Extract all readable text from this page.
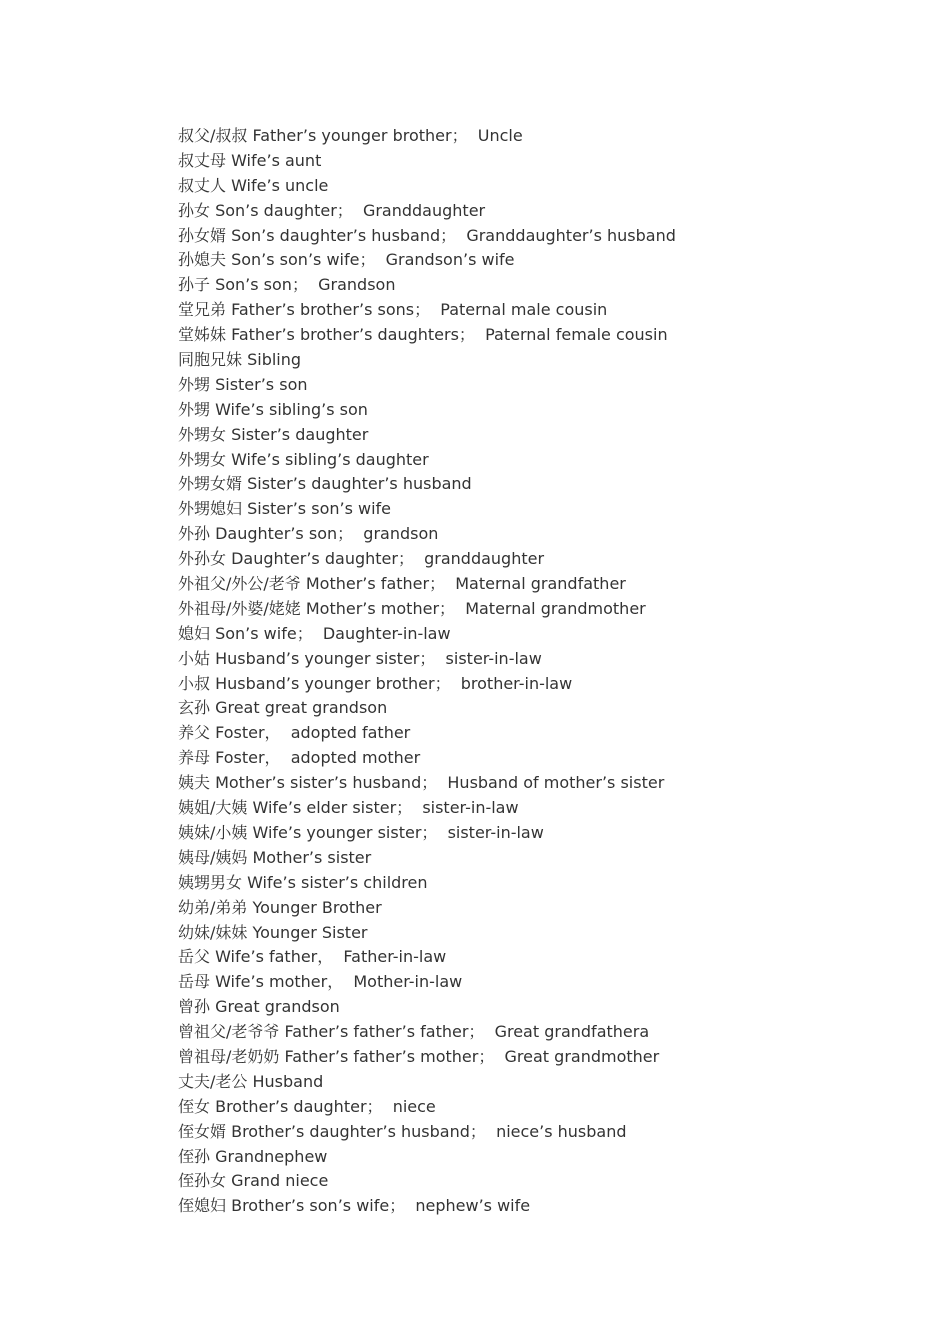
叔父/叔叔 Father’s younger brother；  Uncle
叔丈母 Wife’s aunt
叔丈人 Wife’s uncle
孙女 Son’s daughter；  Granddaughter
孙女婿 Son’s daughter’s husband；  Granddaughter’s husband
孙媳夫 Son’s son’s wife；  Grandson’s wife
孙子 Son’s son；  Grandson
堂兄弟 Father’s brother’s sons；  Paternal male cousin
堂姊妹 Father’s brother’s daughters；  Paternal female cousin
同胞兄妹 Sibling
外甥 Sister’s son
外甥 Wife’s sibling’s son
外甥女 Sister’s daughter
外甥女 Wife’s sibling’s daughter
外甥女婿 Sister’s daughter’s husband
外甥媳妇 Sister’s son’s wife
外孙 Daughter’s son；  grandson
外孙女 Daughter’s daughter；  granddaughter
外祖父/外公/老爷 Mother’s father；  Maternal grandfather
外祖母/外婆/姥姥 Mother’s mother；  Maternal grandmother
媳妇 Son’s wife；  Daughter-in-law
小姑 Husband’s younger sister；  sister-in-law
小叔 Husband’s younger brother；  brother-in-law
玄孙 Great great grandson
养父 Foster，  adopted father
养母 Foster，  adopted mother
姨夫 Mother’s sister’s husband；  Husband of mother’s sister
姨姐/大姨 Wife’s elder sister；  sister-in-law
姨妹/小姨 Wife’s younger sister；  sister-in-law
姨母/姨妈 Mother’s sister
姨甥男女 Wife’s sister’s children
幼弟/弟弟 Younger Brother
幼妹/妹妹 Younger Sister
岳父 Wife’s father，  Father-in-law
岳母 Wife’s mother，  Mother-in-law
曾孙 Great grandson
曾祖父/老爷爷 Father’s father’s father；  Great grandfathera
曾祖母/老奶奶 Father’s father’s mother；  Great grandmother
丈夫/老公 Husband
侄女 Brother’s daughter；  niece
侄女婿 Brother’s daughter’s husband；  niece’s husband
侄孙 Grandnephew
侄孙女 Grand niece
侄媳妇 Brother’s son’s wife；  nephew’s wife
